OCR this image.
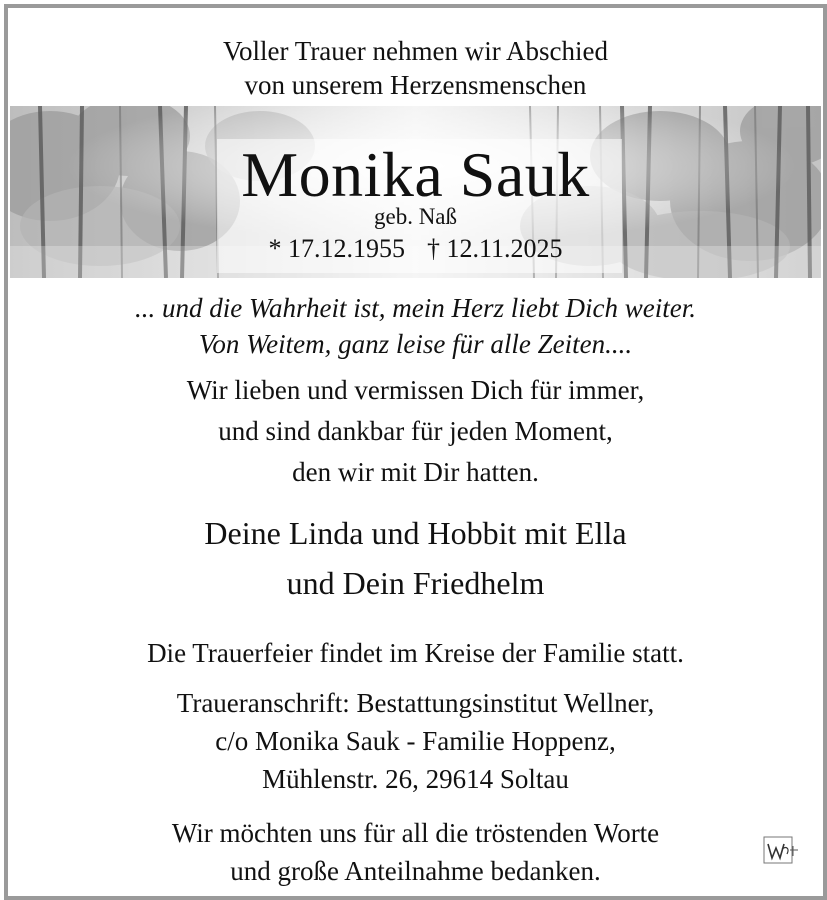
Voller Trauer nehmen wir Abschied
von unserem Herzensmenschen
Monika Sauk
geb. Naß
* 17.12.1955 † 12.11.2025
... und die Wahrheit ist, mein Herz liebt Dich weiter.
Von Weitem, ganz leise für alle Zeiten....
Wir lieben und vermissen Dich für immer,
und sind dankbar für jeden Moment,
den wir mit Dir hatten.
Deine Linda und Hobbit mit Ella
und Dein Friedhelm
Die Trauerfeier findet im Kreise der Familie statt.
Traueranschrift: Bestattungsinstitut Wellner,
c/o Monika Sauk - Familie Hoppenz,
Mühlenstr. 26, 29614 Soltau
Wir möchten uns für all die tröstenden Worte
und große Anteilnahme bedanken.
